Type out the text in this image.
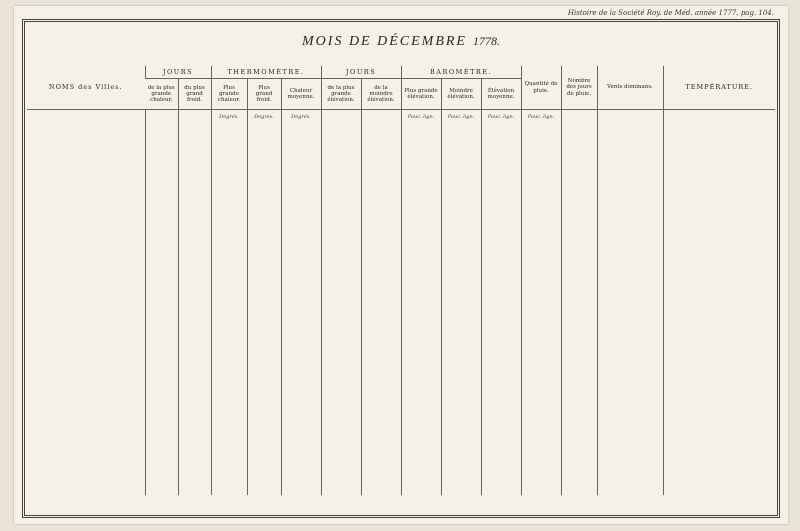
Histoire de la Société Roy. de Méd. année 1777, pag. 104.
MOIS DE DÉCEMBRE 1778.
NOMS des Villes.	JOURS		THERMOMÈTRE.			JOURS		BAROMÈTRE.			Quantité de pluie.	Nombre des jours de pluie.	Vents dominans.	TEMPÉRATURE.
	de la plus grande chaleur.	du plus grand froid.	Plus grande chaleur.	Plus grand froid.	Chaleur moyenne.	de la plus grande élévation.	de la moindre élévation.	Plus grande élévation.	Moindre élévation.	Élévation moyenne.				
			Degrés.	Degrés.	Degrés.			Pouc. lign.	Pouc. lign.	Pouc. lign.	Pouc. lign.			
